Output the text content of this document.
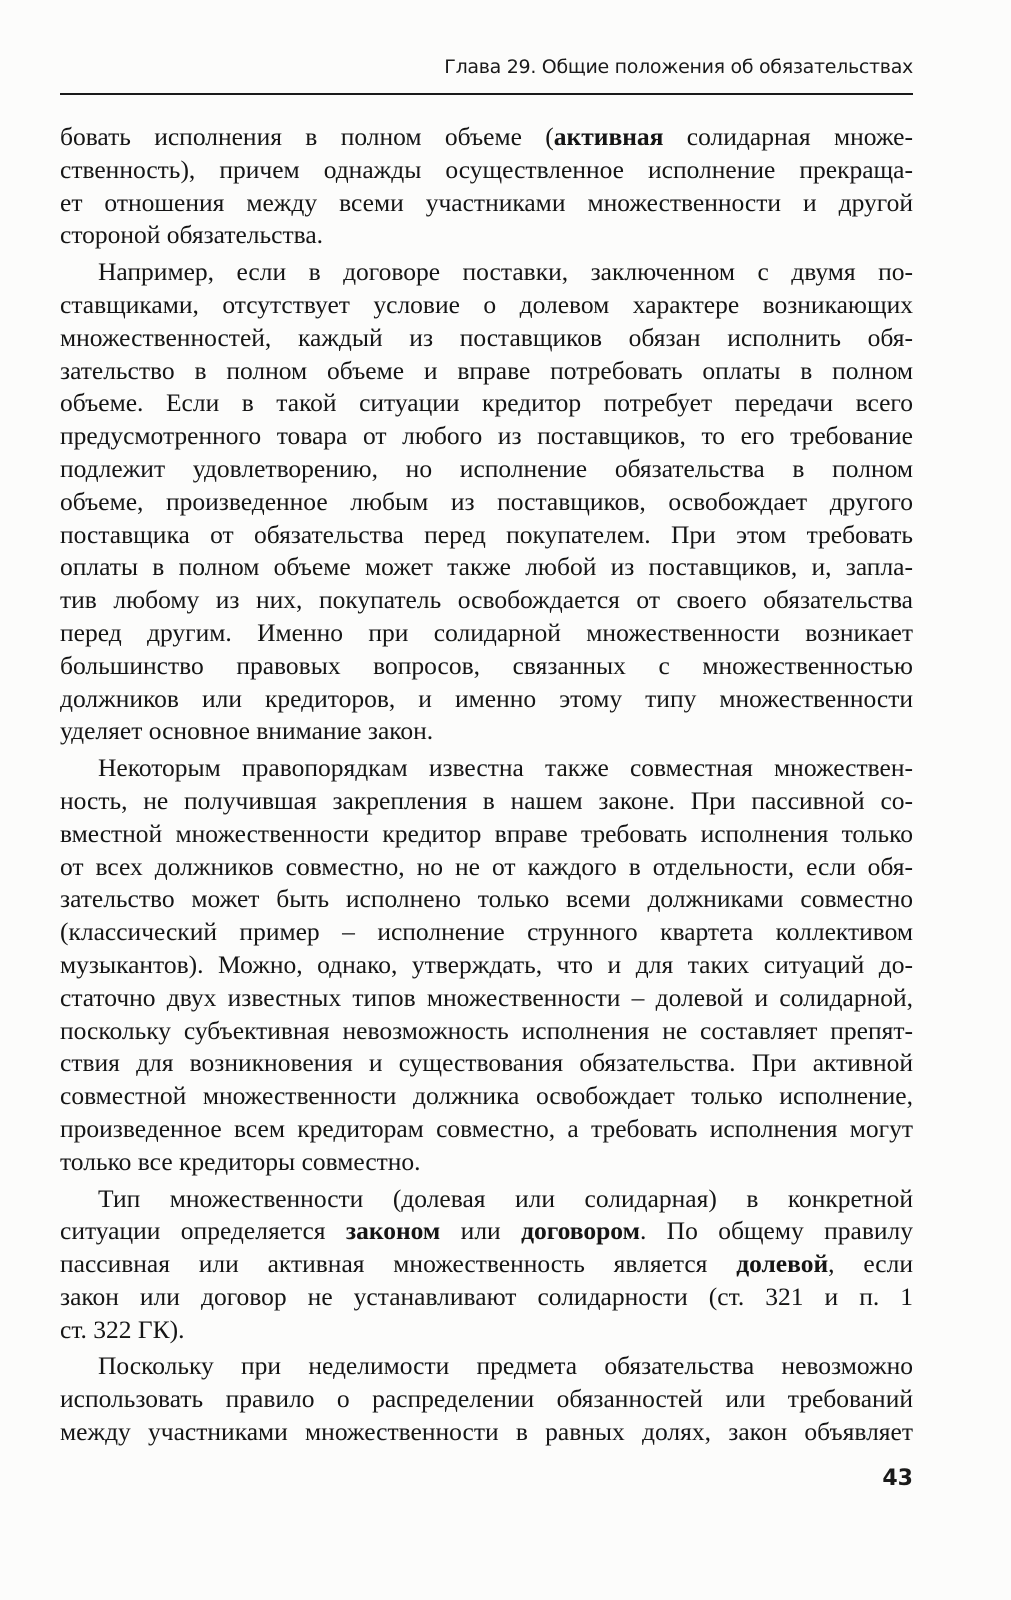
Глава 29. Общие положения об обязательствах

бовать исполнения в полном объеме (активная солидарная множе-
ственность), причем однажды осуществленное исполнение прекраща-
ет отношения между всеми участниками множественности и другой
стороной обязательства.

Например, если в договоре поставки, заключенном с двумя по-
ставщиками, отсутствует условие о долевом характере возникающих
множественностей, каждый из поставщиков обязан исполнить обя-
зательство в полном объеме и вправе потребовать оплаты в полном
объеме. Если в такой ситуации кредитор потребует передачи всего
предусмотренного товара от любого из поставщиков, то его требование
подлежит удовлетворению, но исполнение обязательства в полном
объеме, произведенное любым из поставщиков, освобождает другого
поставщика от обязательства перед покупателем. При этом требовать
оплаты в полном объеме может также любой из поставщиков, и, запла-
тив любому из них, покупатель освобождается от своего обязательства
перед другим. Именно при солидарной множественности возникает
большинство правовых вопросов, связанных с множественностью
должников или кредиторов, и именно этому типу множественности
уделяет основное внимание закон.

Некоторым правопорядкам известна также совместная множествен-
ность, не получившая закрепления в нашем законе. При пассивной со-
вместной множественности кредитор вправе требовать исполнения только
от всех должников совместно, но не от каждого в отдельности, если обя-
зательство может быть исполнено только всеми должниками совместно
(классический пример – исполнение струнного квартета коллективом
музыкантов). Можно, однако, утверждать, что и для таких ситуаций до-
статочно двух известных типов множественности – долевой и солидарной,
поскольку субъективная невозможность исполнения не составляет препят-
ствия для возникновения и существования обязательства. При активной
совместной множественности должника освобождает только исполнение,
произведенное всем кредиторам совместно, а требовать исполнения могут
только все кредиторы совместно.

Тип множественности (долевая или солидарная) в конкретной
ситуации определяется законом или договором. По общему правилу
пассивная или активная множественность является долевой, если
закон или договор не устанавливают солидарности (ст. 321 и п. 1
ст. 322 ГК).

Поскольку при неделимости предмета обязательства невозможно
использовать правило о распределении обязанностей или требований
между участниками множественности в равных долях, закон объявляет

43
